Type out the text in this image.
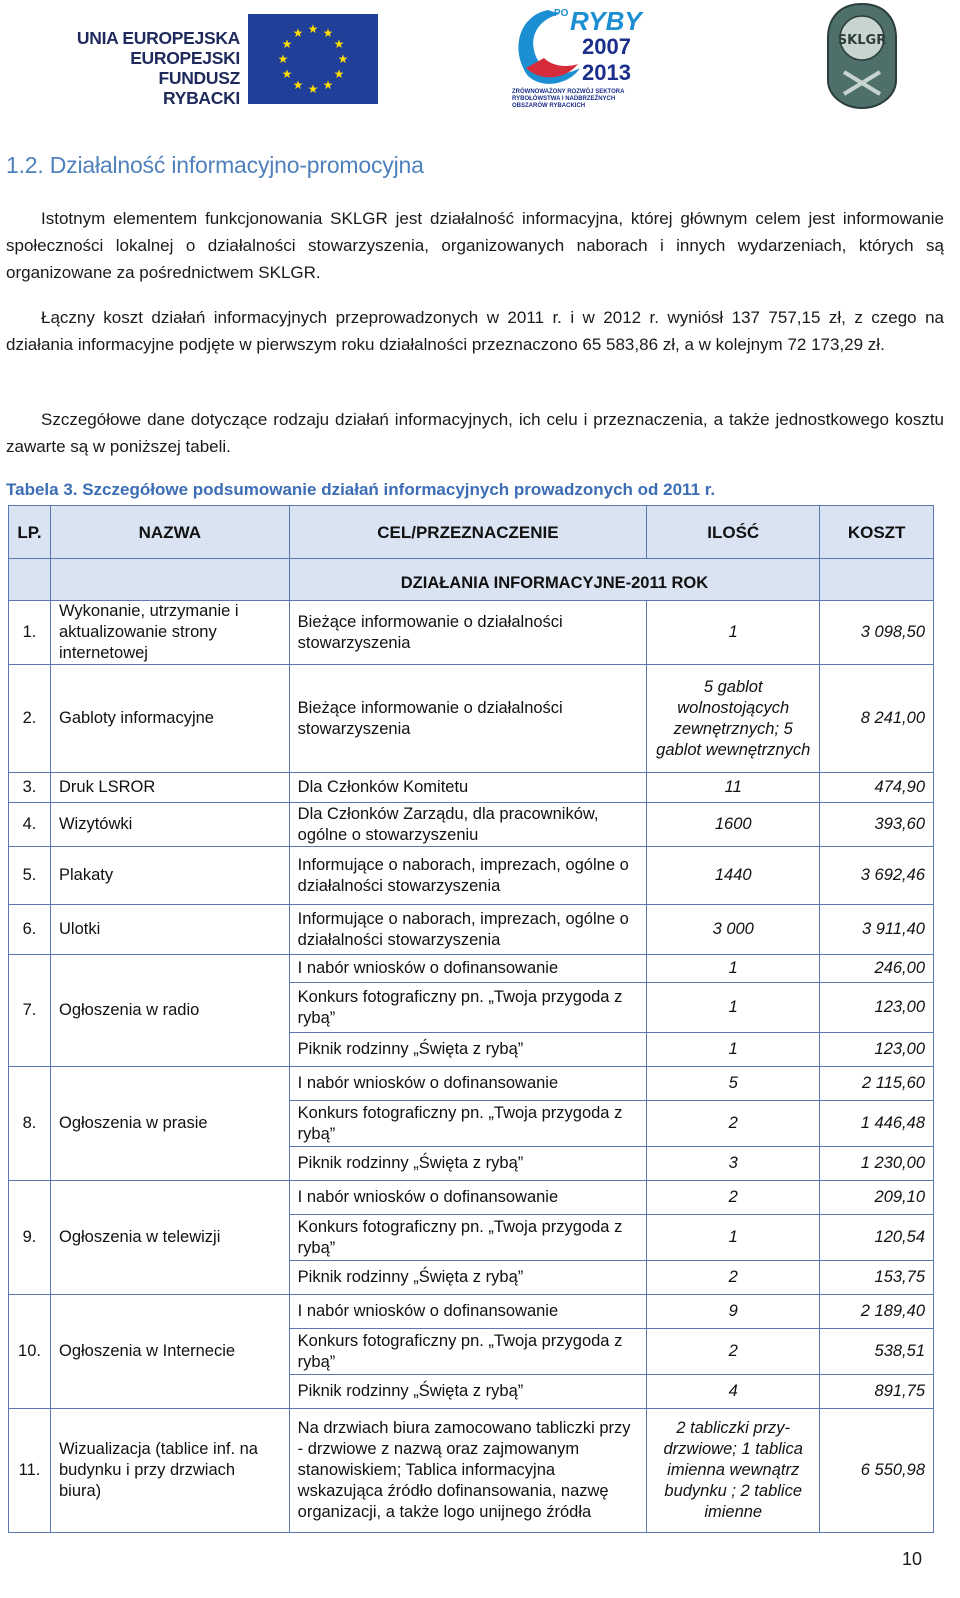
UNIA EUROPEJSKA
EUROPEJSKI FUNDUSZ
RYBACKI
★ ★
★
★
★
★
★
★
★
★
★
★
PO RYBY
2007
2013
ZRÓWNOWAŻONY ROZWÓJ SEKTORA RYBOŁÓWSTWA I NADBRZEŻNYCH OBSZARÓW RYBACKICH
SKLGR
1.2. Działalność informacyjno-promocyjna

Istotnym elementem funkcjonowania SKLGR jest działalność informacyjna, której głównym celem jest informowanie społeczności lokalnej o działalności stowarzyszenia, organizowanych naborach i innych wydarzeniach, których są organizowane za pośrednictwem SKLGR.

Łączny koszt działań informacyjnych przeprowadzonych w 2011 r. i w 2012 r. wyniósł 137 757,15 zł, z czego na działania informacyjne podjęte w pierwszym roku działalności przeznaczono 65 583,86 zł, a w kolejnym 72 173,29 zł.

Szczegółowe dane dotyczące rodzaju działań informacyjnych, ich celu i przeznaczenia, a także jednostkowego kosztu zawarte są w poniższej tabeli.

Tabela 3. Szczegółowe podsumowanie działań informacyjnych prowadzonych od 2011 r.

LP.	NAZWA	CEL/PRZEZNACZENIE	ILOŚĆ	KOSZT
		DZIAŁANIA INFORMACYJNE-2011 ROK		
1.	Wykonanie, utrzymanie i aktualizowanie strony internetowej	Bieżące informowanie o działalności stowarzyszenia	1	3 098,50
2.	Gabloty informacyjne	Bieżące informowanie o działalności stowarzyszenia	5 gablot wolnostojących zewnętrznych; 5 gablot wewnętrznych	8 241,00
3.	Druk LSROR	Dla Członków Komitetu	11	474,90
4.	Wizytówki	Dla Członków Zarządu, dla pracowników, ogólne o stowarzyszeniu	1600	393,60
5.	Plakaty	Informujące o naborach, imprezach, ogólne o działalności stowarzyszenia	1440	3 692,46
6.	Ulotki	Informujące o naborach, imprezach, ogólne o działalności stowarzyszenia	3 000	3 911,40
7.	Ogłoszenia w radio	I nabór wniosków o dofinansowanie	1	246,00
		Konkurs fotograficzny pn. „Twoja przygoda z rybą”	1	123,00
		Piknik rodzinny „Święta z rybą”	1	123,00
8.	Ogłoszenia w prasie	I nabór wniosków o dofinansowanie	5	2 115,60
		Konkurs fotograficzny pn. „Twoja przygoda z rybą”	2	1 446,48
		Piknik rodzinny „Święta z rybą”	3	1 230,00
9.	Ogłoszenia w telewizji	I nabór wniosków o dofinansowanie	2	209,10
		Konkurs fotograficzny pn. „Twoja przygoda z rybą”	1	120,54
		Piknik rodzinny „Święta z rybą”	2	153,75
10.	Ogłoszenia w Internecie	I nabór wniosków o dofinansowanie	9	2 189,40
		Konkurs fotograficzny pn. „Twoja przygoda z rybą”	2	538,51
		Piknik rodzinny „Święta z rybą”	4	891,75
11.	Wizualizacja (tablice inf. na budynku i przy drzwiach biura)	Na drzwiach biura zamocowano tabliczki przy - drzwiowe z nazwą oraz zajmowanym stanowiskiem; Tablica informacyjna wskazująca źródło dofinansowania, nazwę organizacji, a także logo unijnego źródła	2 tabliczki przy-drzwiowe; 1 tablica imienna wewnątrz budynku ; 2 tablice imienne	6 550,98
10
